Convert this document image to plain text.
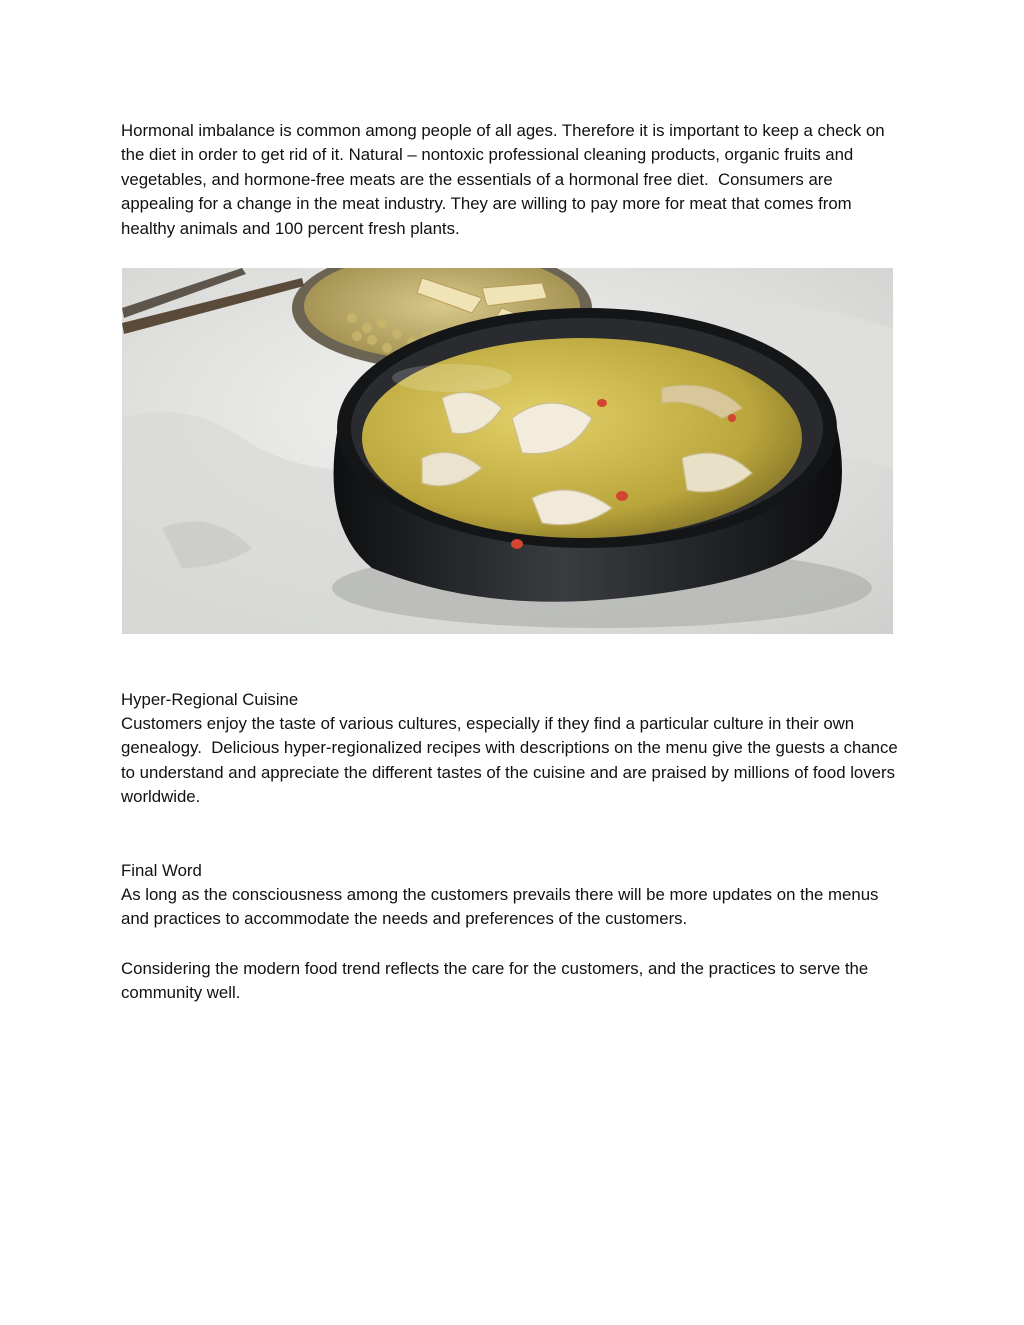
Hormonal imbalance is common among people of all ages. Therefore it is important to keep a check on the diet in order to get rid of it. Natural – nontoxic professional cleaning products, organic fruits and vegetables, and hormone-free meats are the essentials of a hormonal free diet.  Consumers are appealing for a change in the meat industry. They are willing to pay more for meat that comes from healthy animals and 100 percent fresh plants.

Hyper-Regional Cuisine

Customers enjoy the taste of various cultures, especially if they find a particular culture in their own genealogy.  Delicious hyper-regionalized recipes with descriptions on the menu give the guests a chance to understand and appreciate the different tastes of the cuisine and are praised by millions of food lovers worldwide.

Final Word

As long as the consciousness among the customers prevails there will be more updates on the menus and practices to accommodate the needs and preferences of the customers.

Considering the modern food trend reflects the care for the customers, and the practices to serve the community well.
